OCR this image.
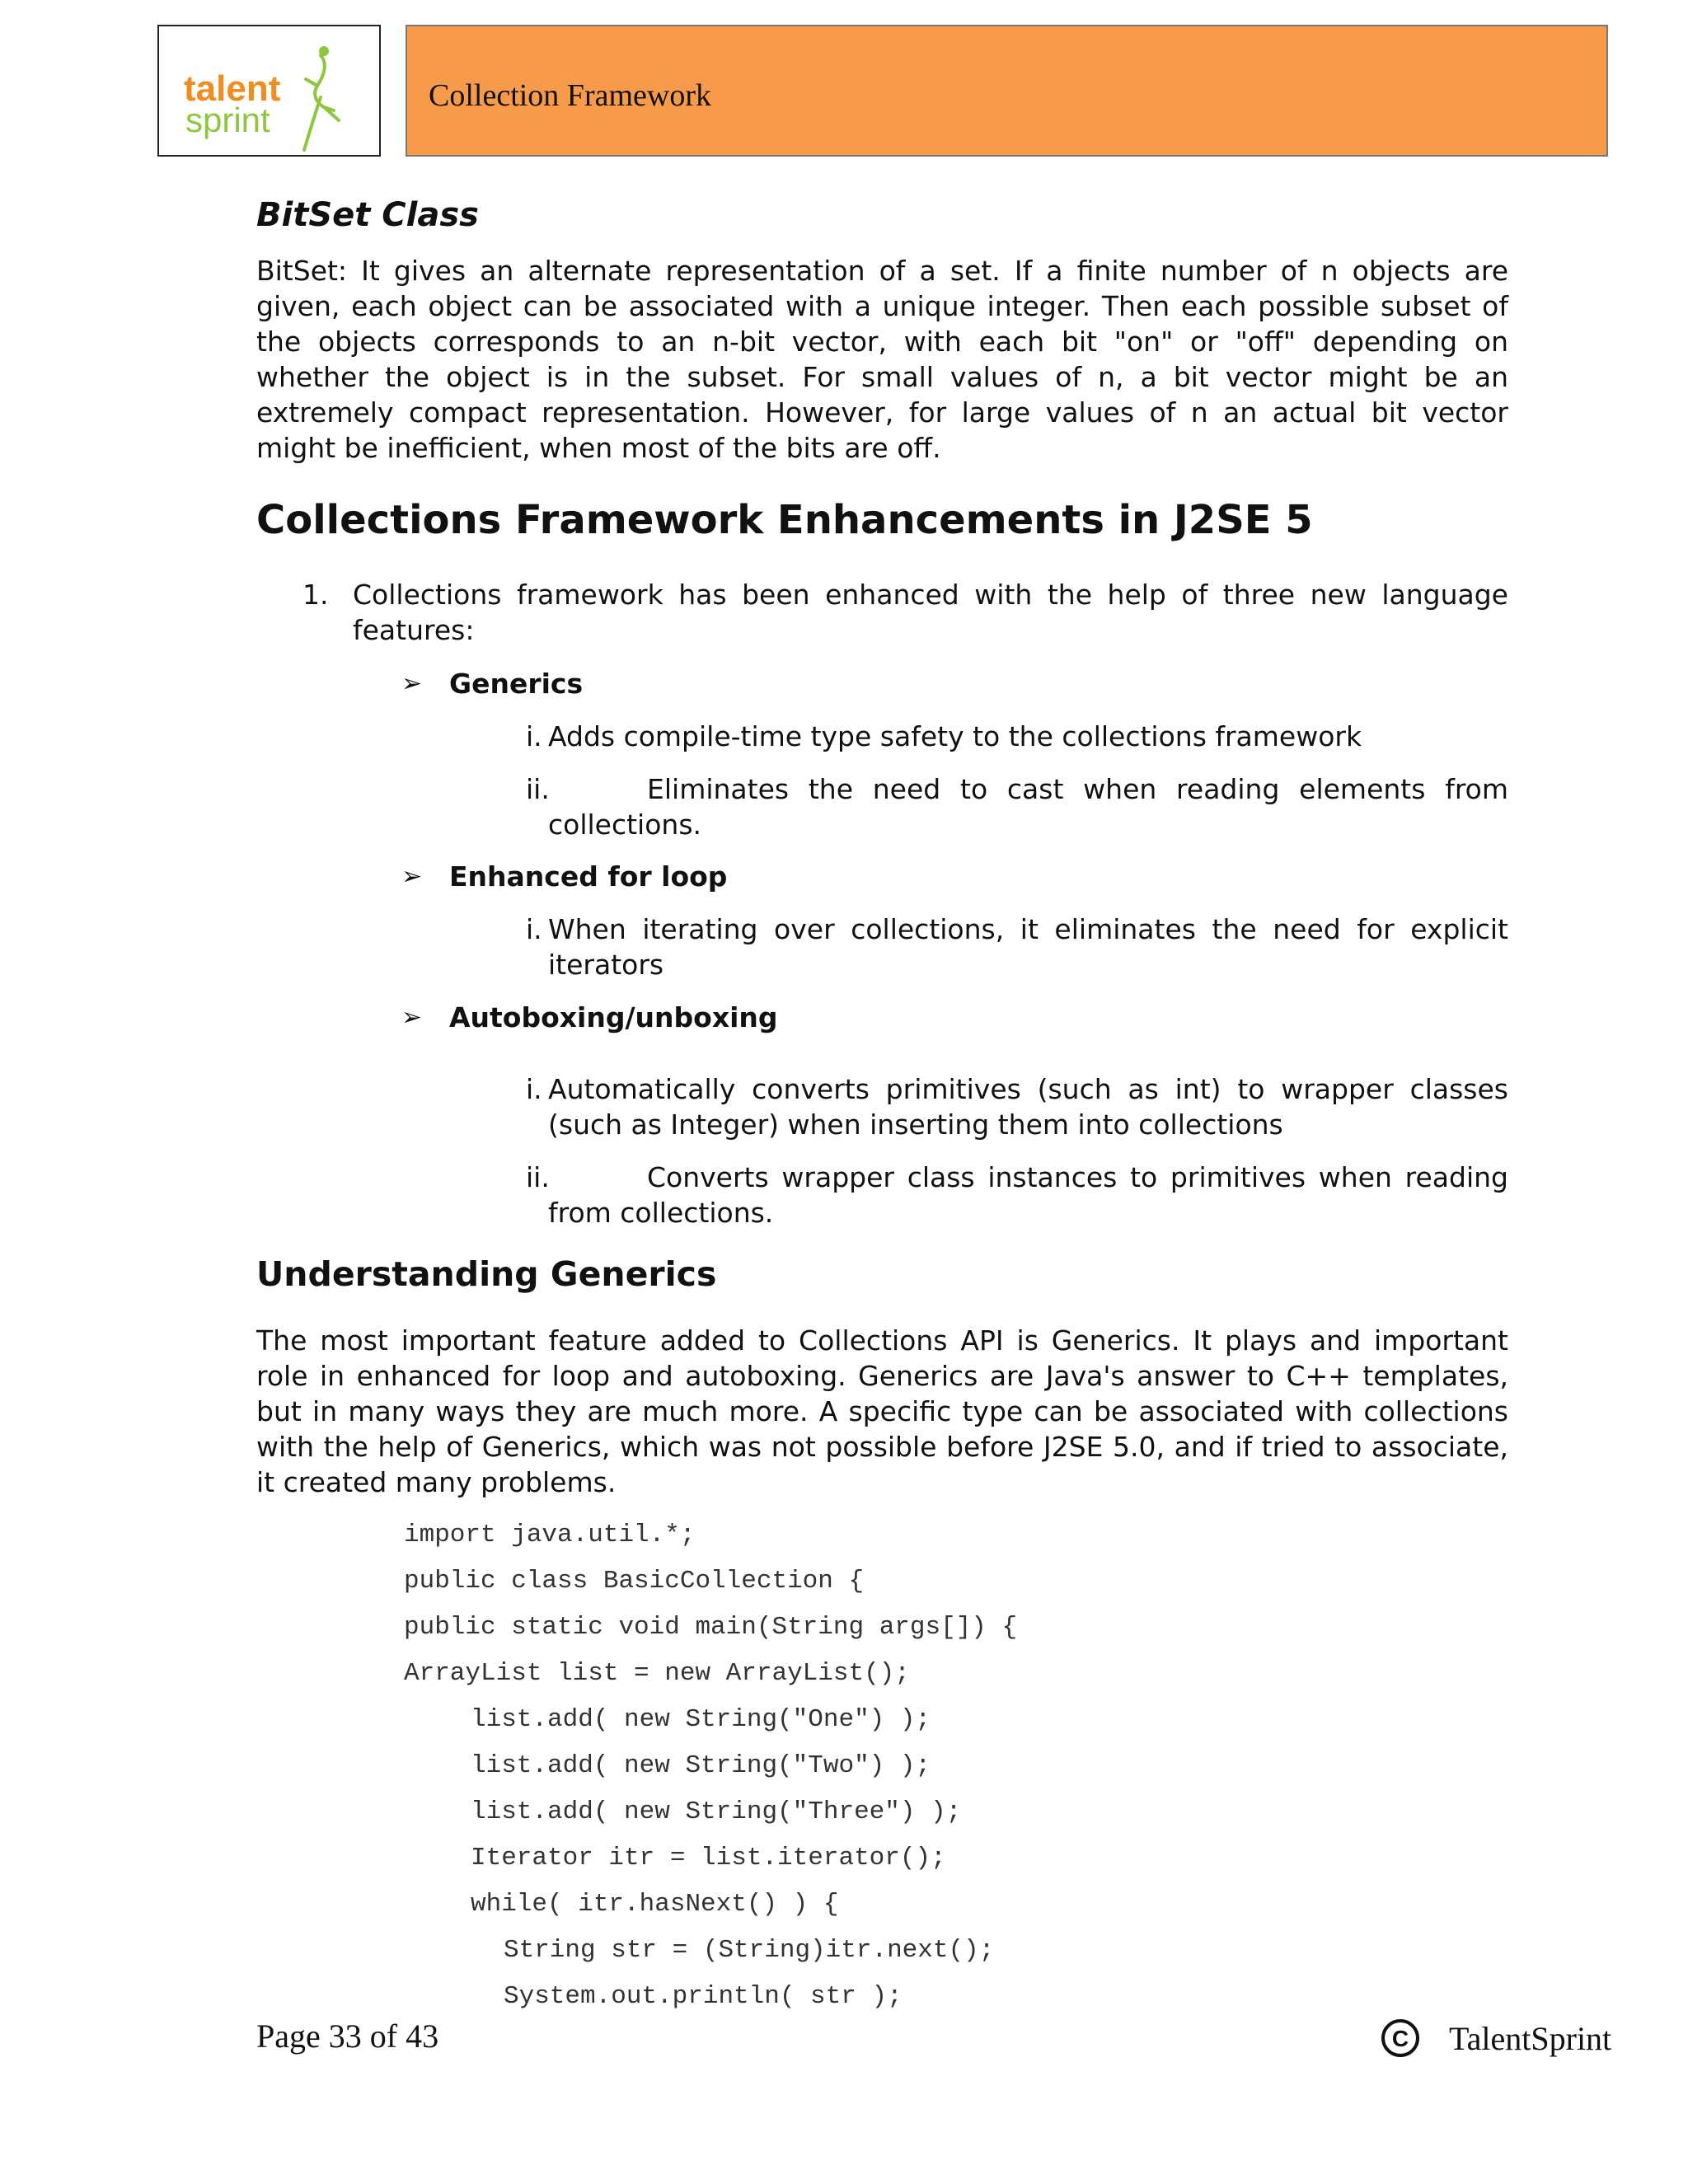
talent
sprint
Collection Framework
BitSet Class
BitSet: It gives an alternate representation of a set. If a finite number of n objects are given, each object can be associated with a unique integer. Then each possible subset of the objects corresponds to an n-bit vector, with each bit "on" or "off" depending on whether the object is in the subset. For small values of n, a bit vector might be an extremely compact representation. However, for large values of n an actual bit vector might be inefficient, when most of the bits are off.
Collections Framework Enhancements in J2SE 5
1. Collections framework has been enhanced with the help of three new language features:
➢ Generics
i. Adds compile-time type safety to the collections framework
ii.	Eliminates the need to cast when reading elements from collections.
➢ Enhanced for loop
i. When iterating over collections, it eliminates the need for explicit iterators
➢ Autoboxing/unboxing
i. Automatically converts primitives (such as int) to wrapper classes (such as Integer) when inserting them into collections
ii.	Converts wrapper class instances to primitives when reading from collections.
Understanding Generics
The most important feature added to Collections API is Generics. It plays and important role in enhanced for loop and autoboxing. Generics are Java's answer to C++ templates, but in many ways they are much more. A specific type can be associated with collections with the help of Generics, which was not possible before J2SE 5.0, and if tried to associate, it created many problems.
import java.util.*;
public class BasicCollection {
public static void main(String args[]) {
ArrayList list = new ArrayList();
list.add( new String("One") );
list.add( new String("Two") );
list.add( new String("Three") );
Iterator itr = list.iterator();
while( itr.hasNext() ) {
String str = (String)itr.next();
System.out.println( str );
Page 33 of 43	C TalentSprint
